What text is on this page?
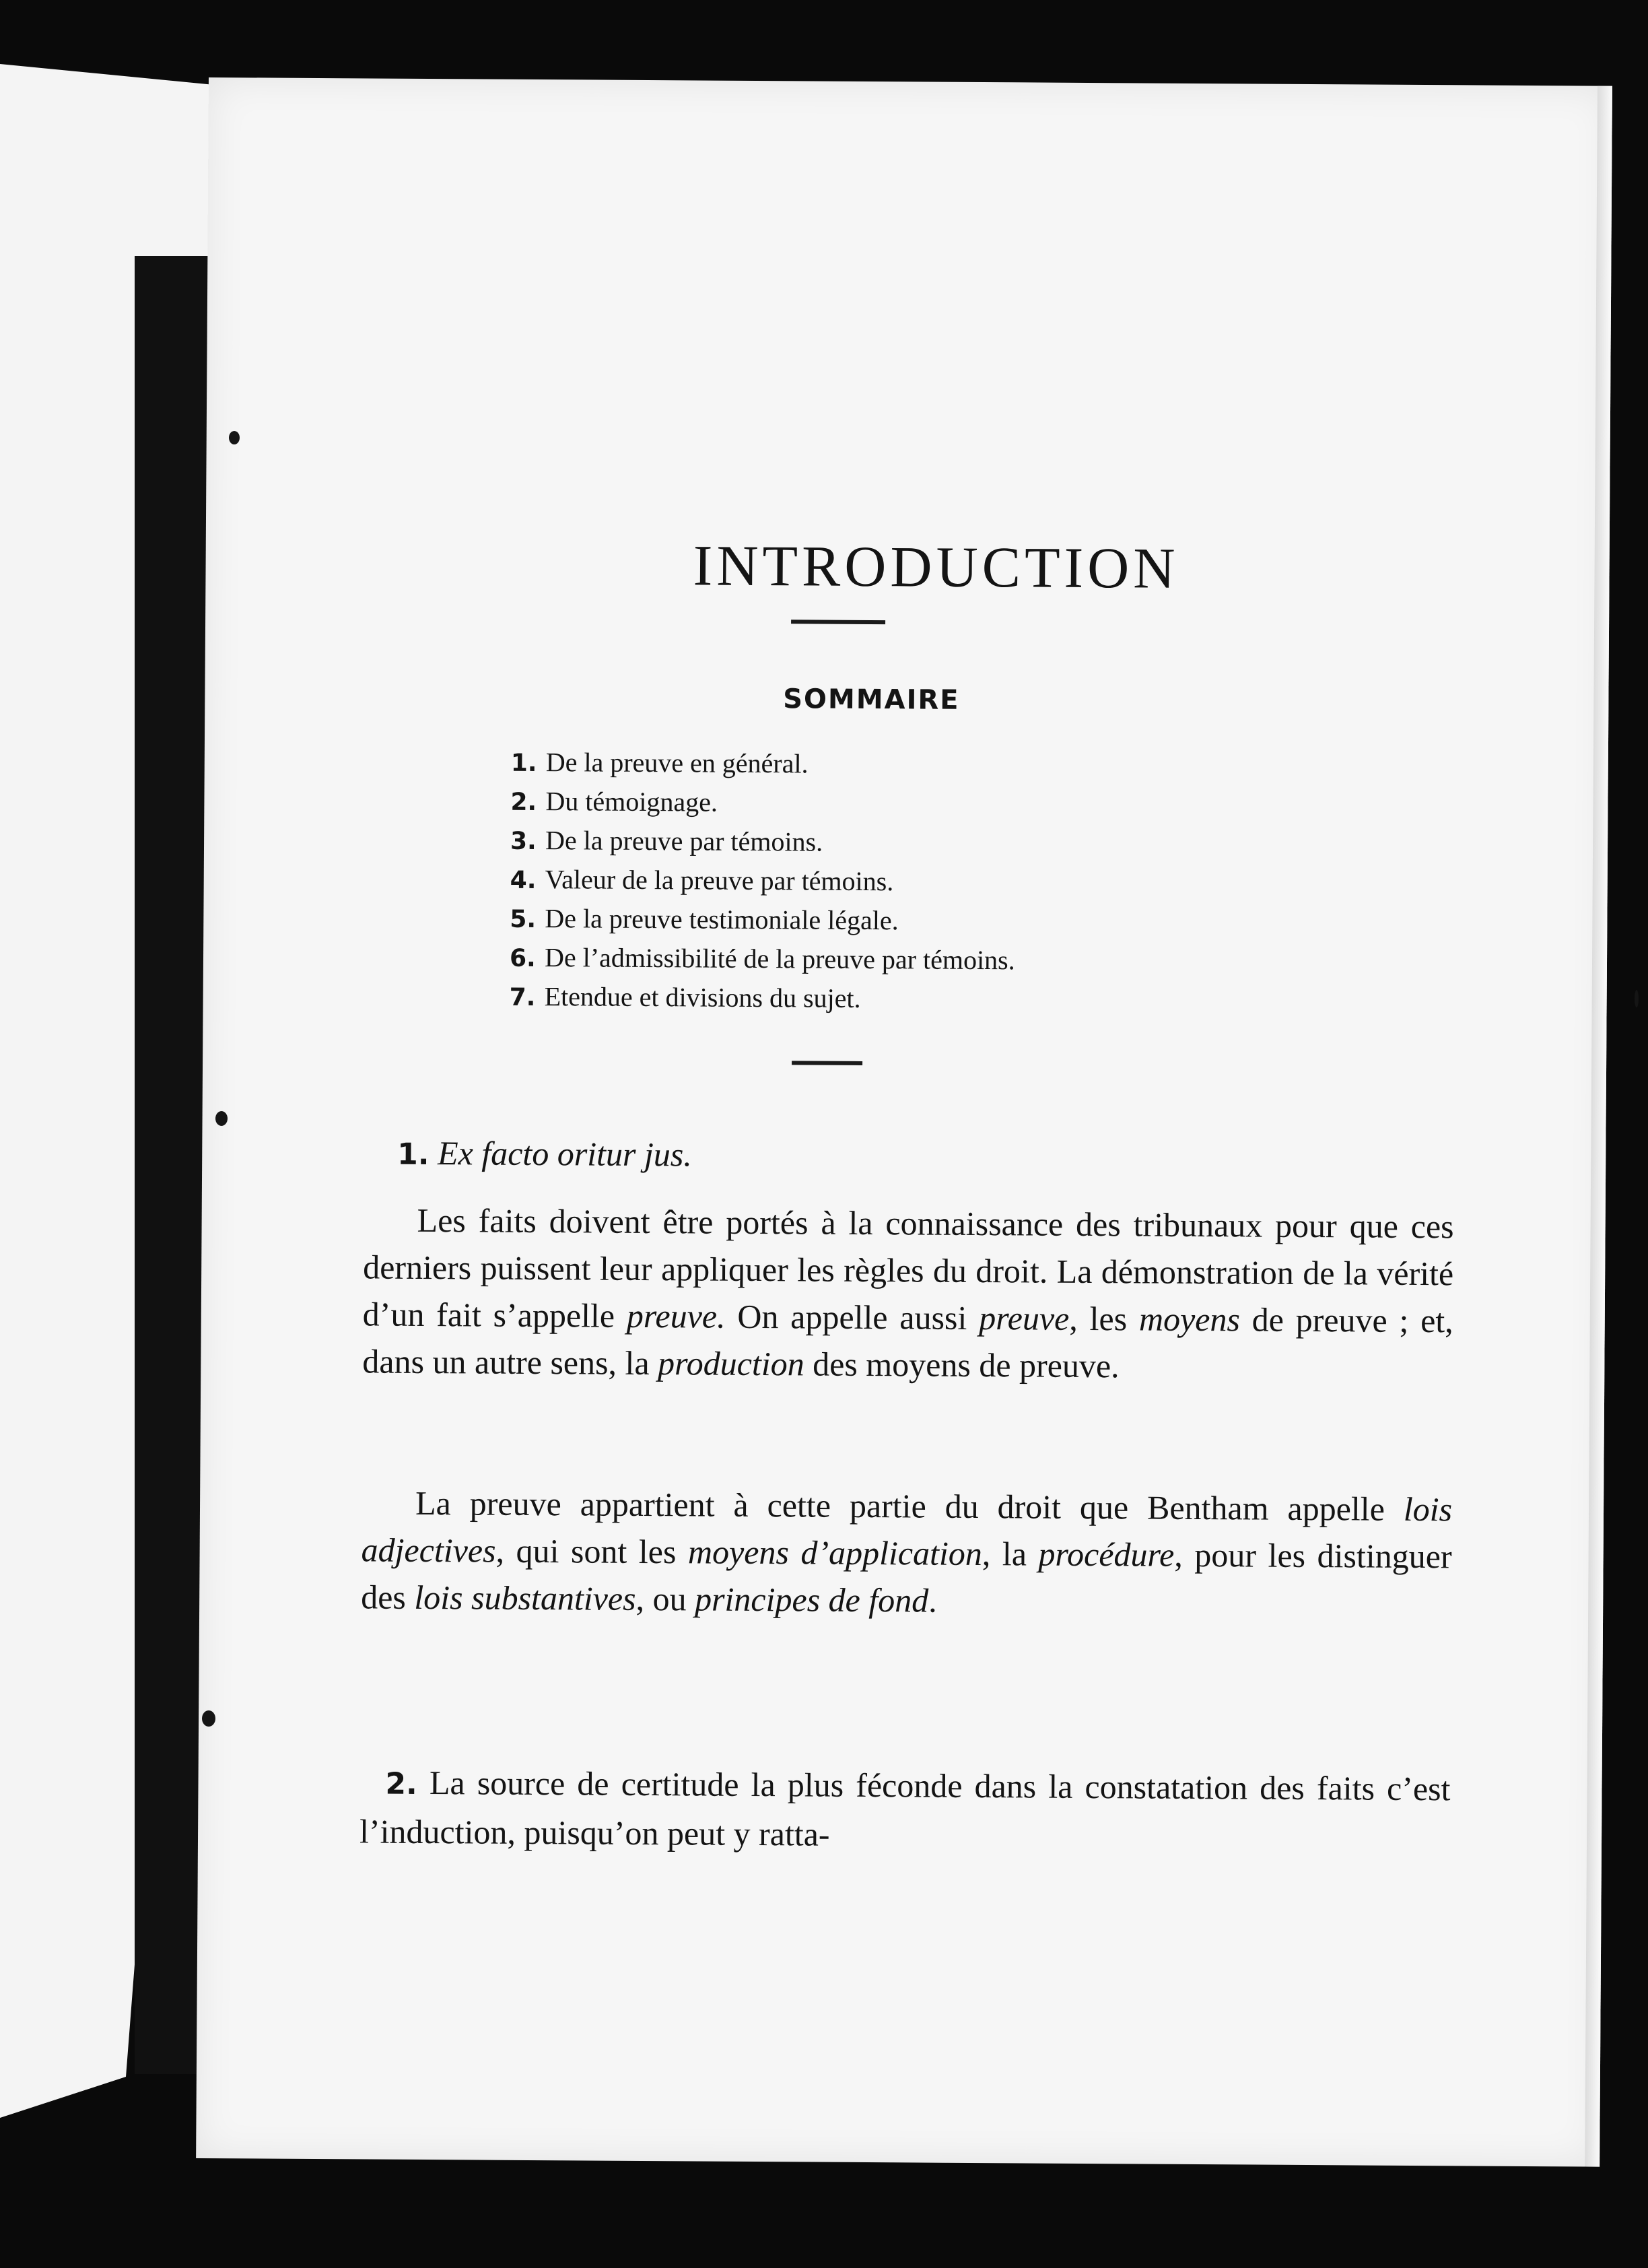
INTRODUCTION
SOMMAIRE
1. De la preuve en général.
2. Du témoignage.
3. De la preuve par témoins.
4. Valeur de la preuve par témoins.
5. De la preuve testimoniale légale.
6. De l’admissibilité de la preuve par témoins.
7. Etendue et divisions du sujet.
1. Ex facto oritur jus.

Les faits doivent être portés à la connaissance des tribunaux pour que ces derniers puissent leur appliquer les règles du droit. La démonstration de la vérité d’un fait s’appelle preuve. On appelle aussi preuve, les moyens de preuve ; et, dans un autre sens, la production des moyens de preuve.

La preuve appartient à cette partie du droit que Bentham appelle lois adjectives, qui sont les moyens d’application, la procédure, pour les distinguer des lois substantives, ou principes de fond.

2. La source de certitude la plus féconde dans la constatation des faits c’est l’induction, puisqu’on peut y ratta-
